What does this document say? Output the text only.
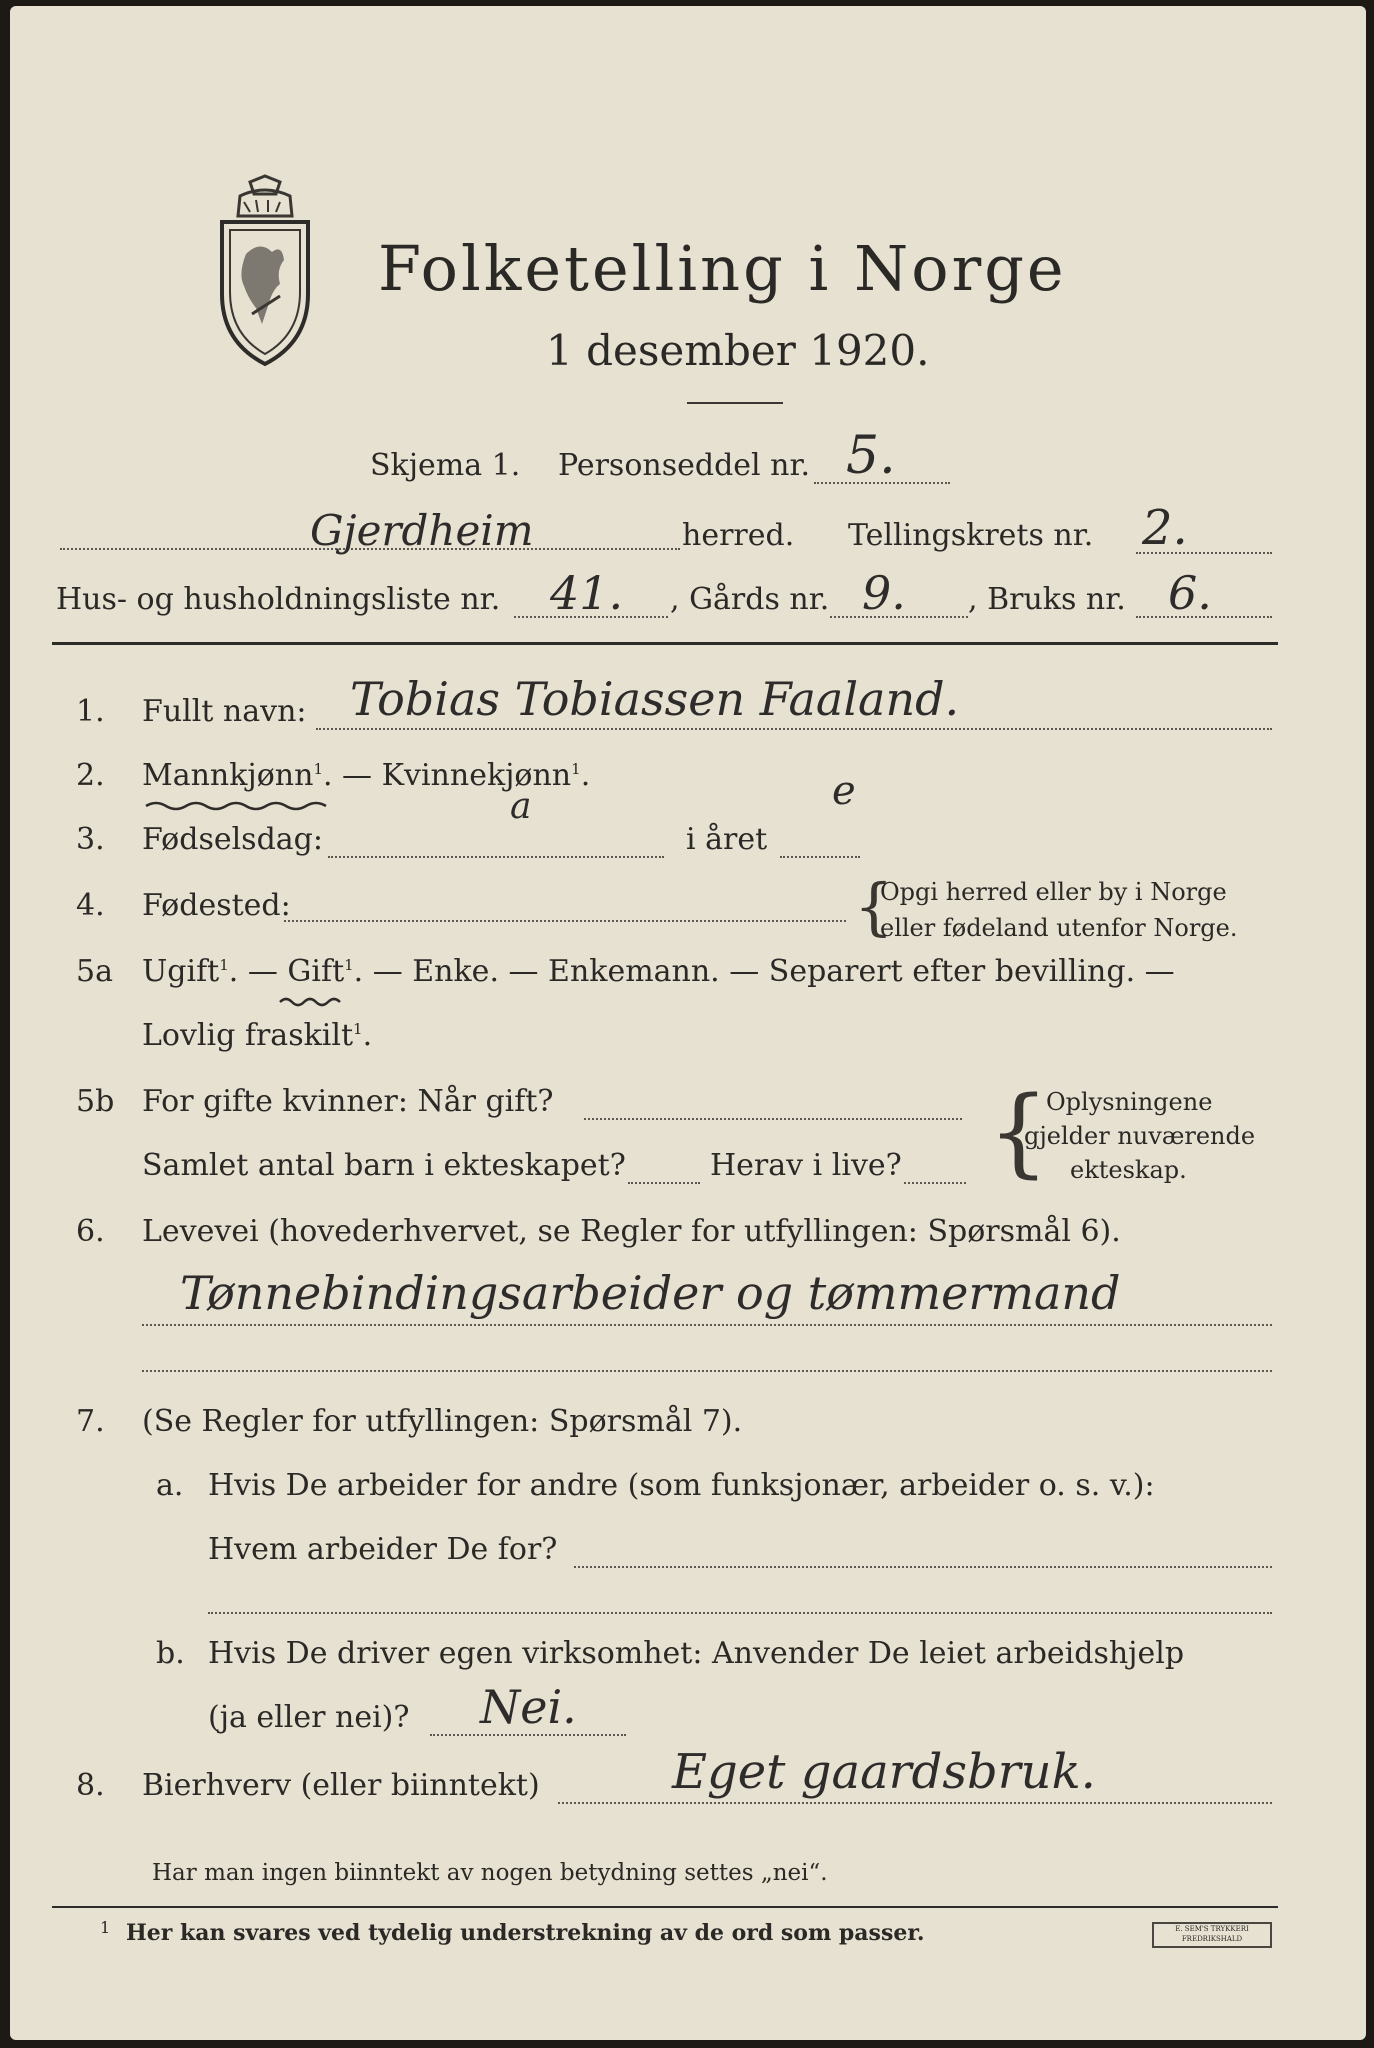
Folketelling i Norge
1 desember 1920.
Skjema 1. Personseddel nr. 5.
Gjerdheim	herred. Tellingskrets nr. 2.
Hus- og husholdningsliste nr. 41. , Gårds nr. 9. , Bruks nr. 6.
1. Fullt navn: Tobias Tobiassen Faaland.
2. Mannkjønn$^1$. — Kvinnekjønn$^1$.
a	e
3. Fødselsdag:	i året
4. Fødested:	{
Opgi herred eller by i Norge
eller fødeland utenfor Norge.
5a Ugift$^1$. — Gift$^1$. — Enke. — Enkemann. — Separert efter bevilling. —
Lovlig fraskilt$^1$.
5b For gifte kvinner: Når gift?
Samlet antal barn i ekteskapet?	Herav i live? {
Oplysningene
gjelder nuværende
ekteskap.
6. Levevei (hovederhvervet, se Regler for utfyllingen: Spørsmål 6).
Tønnebindingsarbeider og tømmermand
7. (Se Regler for utfyllingen: Spørsmål 7).
a. Hvis De arbeider for andre (som funksjonær, arbeider o. s. v.):
Hvem arbeider De for?
b. Hvis De driver egen virksomhet: Anvender De leiet arbeidshjelp
(ja eller nei)? Nei.
8. Bierhverv (eller biinntekt)	Eget gaardsbruk.
Har man ingen biinntekt av nogen betydning settes „nei“.
1 Her kan svares ved tydelig understrekning av de ord som passer.	E. SEM'S TRYKKERI FREDRIKSHALD
